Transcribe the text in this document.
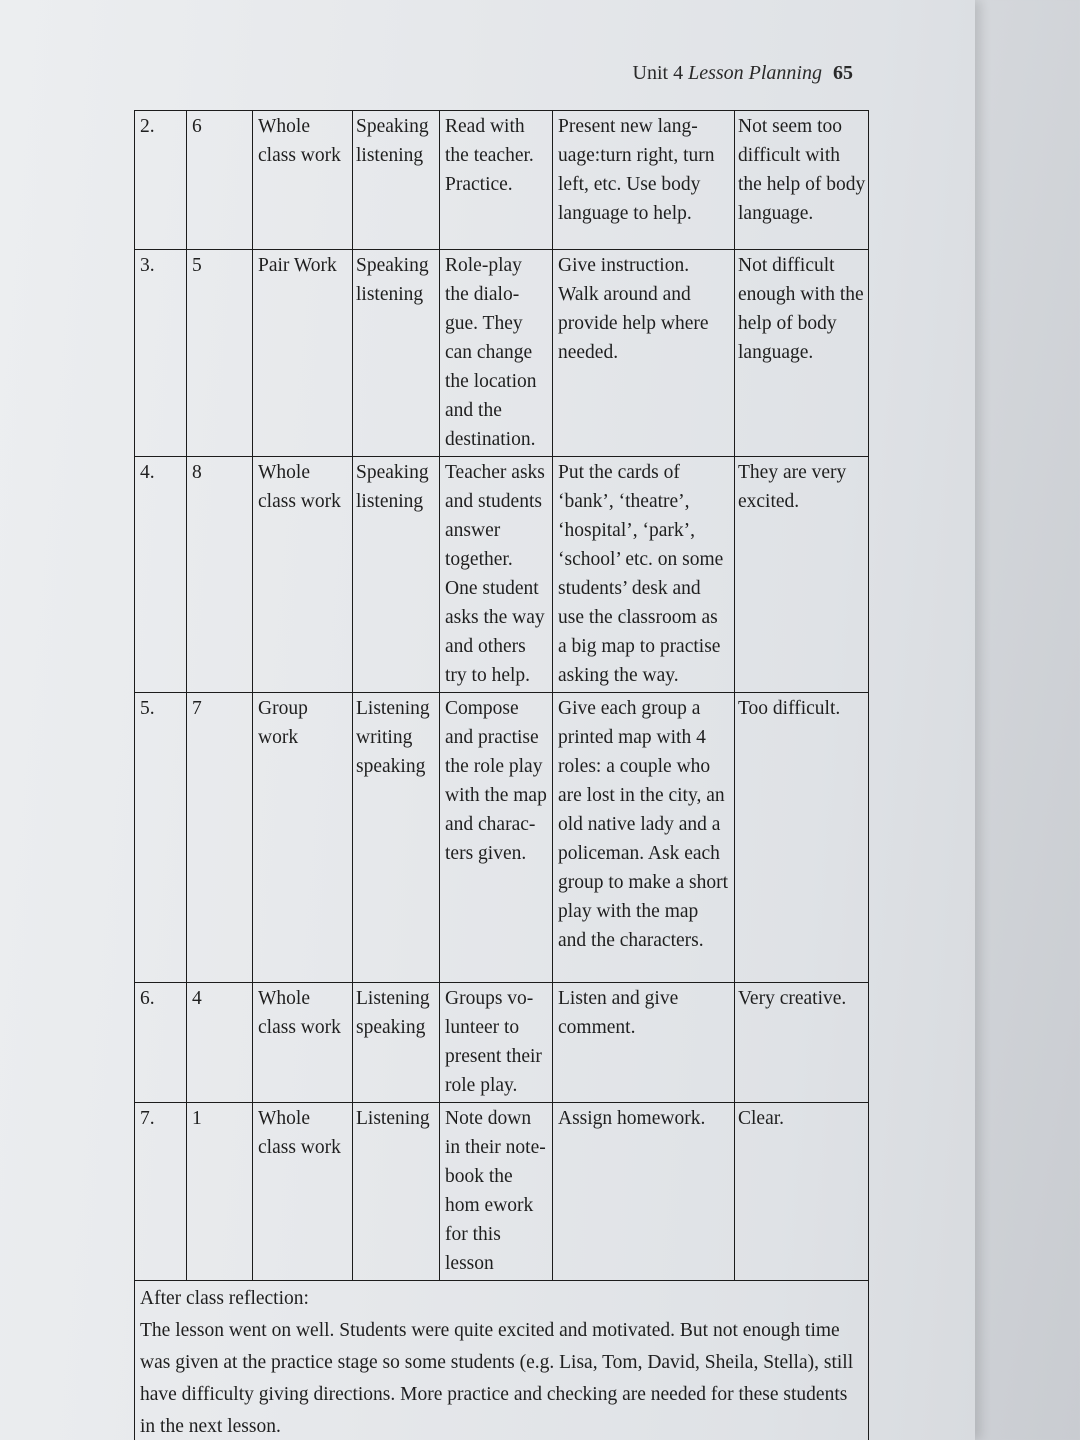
Unit 4 Lesson Planning 65
2.	6	Whole class work	Speaking listening	Read with the teacher. Practice.	Present new lang-uage:turn right, turn left, etc. Use body language to help.	Not seem too difficult with the help of body language.
3.	5	Pair Work	Speaking listening	Role-play the dialo-gue. They can change the location and the destination.	Give instruction. Walk around and provide help where needed.	Not difficult enough with the help of body language.
4.	8	Whole class work	Speaking listening	Teacher asks and students answer together. One student asks the way and others try to help.	Put the cards of ‘bank’, ‘theatre’, ‘hospital’, ‘park’, ‘school’ etc. on some students’ desk and use the classroom as a big map to practise asking the way.	They are very excited.
5.	7	Group work	Listening writing speaking	Compose and practise the role play with the map and charac-ters given.	Give each group a printed map with 4 roles: a couple who are lost in the city, an old native lady and a policeman. Ask each group to make a short play with the map and the characters.	Too difficult.
6.	4	Whole class work	Listening speaking	Groups vo-lunteer to present their role play.	Listen and give comment.	Very creative.
7.	1	Whole class work	Listening	Note down in their note-book the hom ework for this lesson	Assign homework.	Clear.

After class reflection:
The lesson went on well. Students were quite excited and motivated. But not enough time was given at the practice stage so some students (e.g. Lisa, Tom, David, Sheila, Stella), still have difficulty giving directions. More practice and checking are needed for these students in the next lesson.						
